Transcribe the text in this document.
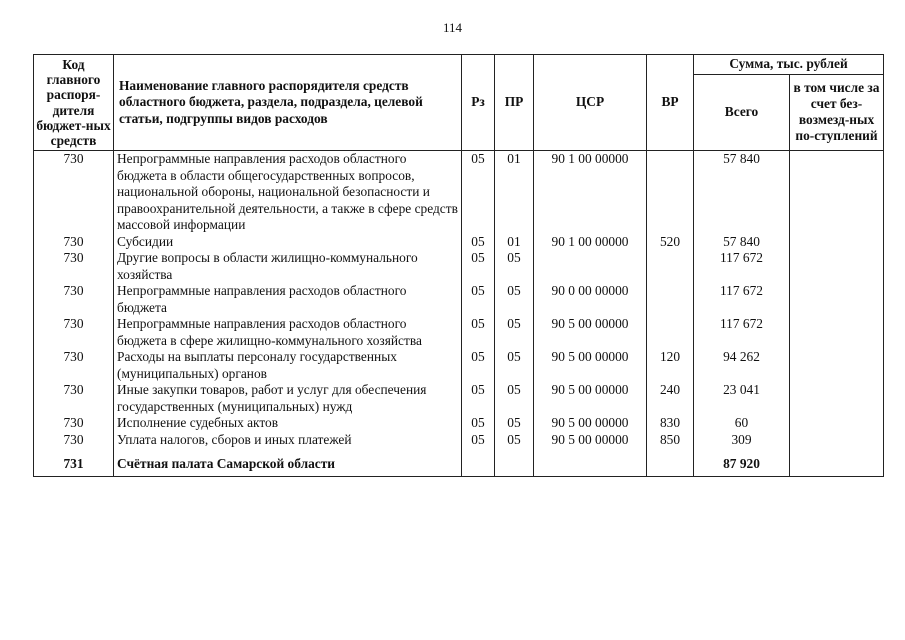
114
Код главного распоря-дителя бюджет-ных средств	Наименование главного распорядителя средств областного бюджета, раздела, подраздела, целевой статьи, подгруппы видов расходов	Рз	ПР	ЦСР	ВР	Сумма, тыс. рублей	
						Всего	в том числе за счет без-возмезд-ных по-ступлений
730	Непрограммные направления расходов областного бюджета в области общегосударственных вопросов, национальной обороны, национальной безопасности и правоохранительной деятельности, а также в сфере средств массовой информации	05	01	90 1 00 00000		57 840	
730	Субсидии	05	01	90 1 00 00000	520	57 840	
730	Другие вопросы в области жилищно-коммунального хозяйства	05	05			117 672	
730	Непрограммные направления расходов областного бюджета	05	05	90 0 00 00000		117 672	
730	Непрограммные направления расходов областного бюджета в сфере жилищно-коммунального хозяйства	05	05	90 5 00 00000		117 672	
730	Расходы на выплаты персоналу государственных (муниципальных) органов	05	05	90 5 00 00000	120	94 262	
730	Иные закупки товаров, работ и услуг для обеспечения государственных (муниципальных) нужд	05	05	90 5 00 00000	240	23 041	
730	Исполнение судебных актов	05	05	90 5 00 00000	830	60	
730	Уплата налогов, сборов и иных платежей	05	05	90 5 00 00000	850	309	

731	Счётная палата Самарской области					87 920	
